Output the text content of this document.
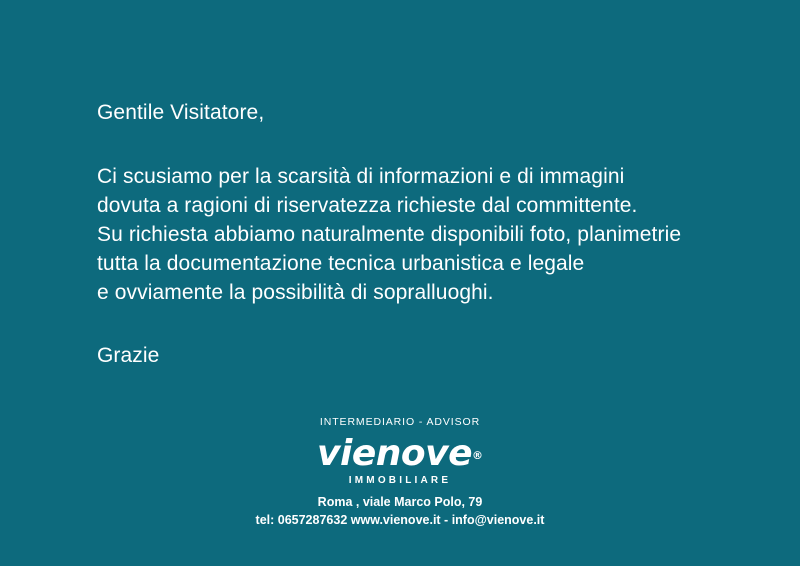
Gentile Visitatore,

Ci scusiamo per la scarsità di informazioni e di immagini
dovuta a ragioni di riservatezza richieste dal committente.
Su richiesta abbiamo naturalmente disponibili foto, planimetrie
tutta la documentazione tecnica urbanistica e legale
e ovviamente la possibilità di sopralluoghi.

Grazie

INTERMEDIARIO - ADVISOR
vienove®
IMMOBILIARE
Roma , viale Marco Polo, 79
tel: 0657287632 www.vienove.it - info@vienove.it
